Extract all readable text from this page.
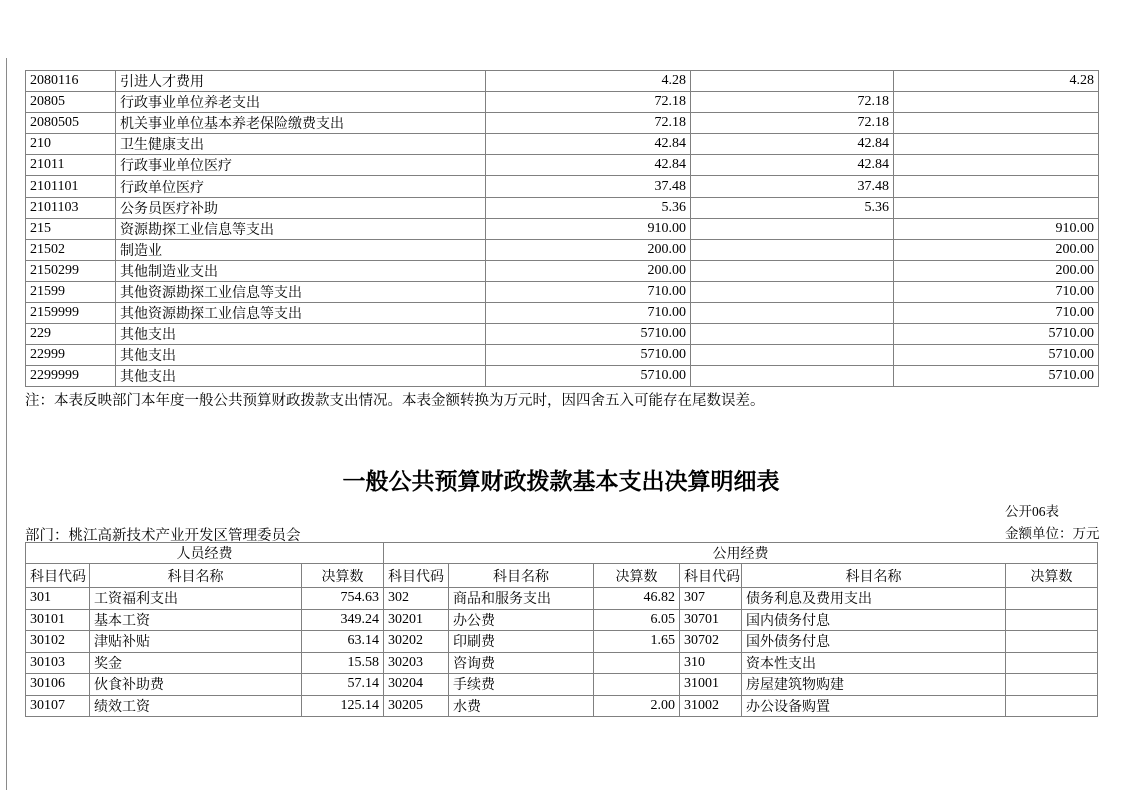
2080116	引进人才费用	4.28		4.28
20805	行政事业单位养老支出	72.18	72.18	
2080505	机关事业单位基本养老保险缴费支出	72.18	72.18	
210	卫生健康支出	42.84	42.84	
21011	行政事业单位医疗	42.84	42.84	
2101101	行政单位医疗	37.48	37.48	
2101103	公务员医疗补助	5.36	5.36	
215	资源勘探工业信息等支出	910.00		910.00
21502	制造业	200.00		200.00
2150299	其他制造业支出	200.00		200.00
21599	其他资源勘探工业信息等支出	710.00		710.00
2159999	其他资源勘探工业信息等支出	710.00		710.00
229	其他支出	5710.00		5710.00
22999	其他支出	5710.00		5710.00
2299999	其他支出	5710.00		5710.00
注：本表反映部门本年度一般公共预算财政拨款支出情况。本表金额转换为万元时，因四舍五入可能存在尾数误差。
一般公共预算财政拨款基本支出决算明细表
公开06表
金额单位：万元
部门：桃江高新技术产业开发区管理委员会
人员经费			公用经费					
科目代码	科目名称	决算数	科目代码	科目名称	决算数	科目代码	科目名称	决算数
301	工资福利支出	754.63	302	商品和服务支出	46.82	307	债务利息及费用支出	
30101	基本工资	349.24	30201	办公费	6.05	30701	国内债务付息	
30102	津贴补贴	63.14	30202	印刷费	1.65	30702	国外债务付息	
30103	奖金	15.58	30203	咨询费		310	资本性支出	
30106	伙食补助费	57.14	30204	手续费		31001	房屋建筑物购建	
30107	绩效工资	125.14	30205	水费	2.00	31002	办公设备购置	
